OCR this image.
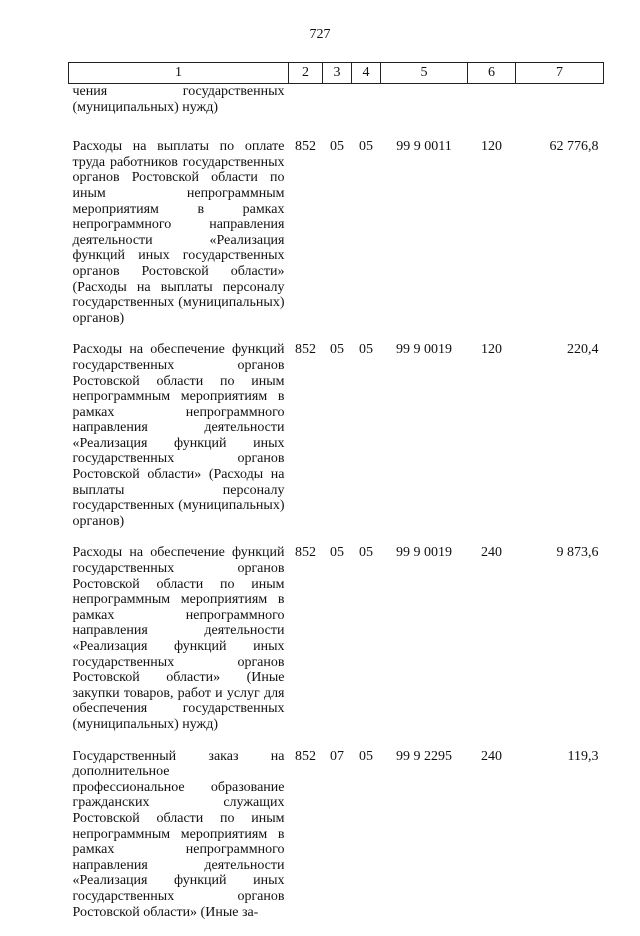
727
1	2	3	4	5	6	7
чения государственных (муниципальных) нужд)						
Расходы на выплаты по оплате труда работников государственных органов Ростовской области по иным непрограммным мероприятиям в рамках непрограммного направления деятельности «Реализация функций иных государственных органов Ростовской области» (Расходы на выплаты персоналу государственных (муниципальных) органов)	852	05	05	99 9 0011	120	62 776,8
Расходы на обеспечение функций государственных органов Ростовской области по иным непрограммным мероприятиям в рамках непрограммного направления деятельности «Реализация функций иных государственных органов Ростовской области» (Расходы на выплаты персоналу государственных (муниципальных) органов)	852	05	05	99 9 0019	120	220,4
Расходы на обеспечение функций государственных органов Ростовской области по иным непрограммным мероприятиям в рамках непрограммного направления деятельности «Реализация функций иных государственных органов Ростовской области» (Иные закупки товаров, работ и услуг для обеспечения государственных (муниципальных) нужд)	852	05	05	99 9 0019	240	9 873,6
Государственный заказ на дополнительное профессиональное образование гражданских служащих Ростовской области по иным непрограммным мероприятиям в рамках непрограммного направления деятельности «Реализация функций иных государственных органов Ростовской области» (Иные за-	852	07	05	99 9 2295	240	119,3
